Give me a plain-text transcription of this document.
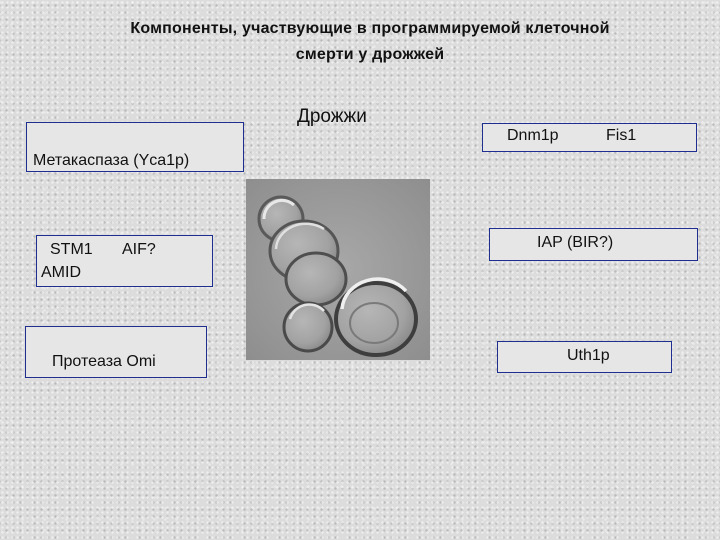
Компоненты, участвующие в программируемой клеточной
смерти у дрожжей
Дрожжи
Метакаспаза (Yca1p)
STM1 AIF?
AMID
Протеаза Omi
Dnm1p	Fis1
IAP (BIR?)
Uth1p
